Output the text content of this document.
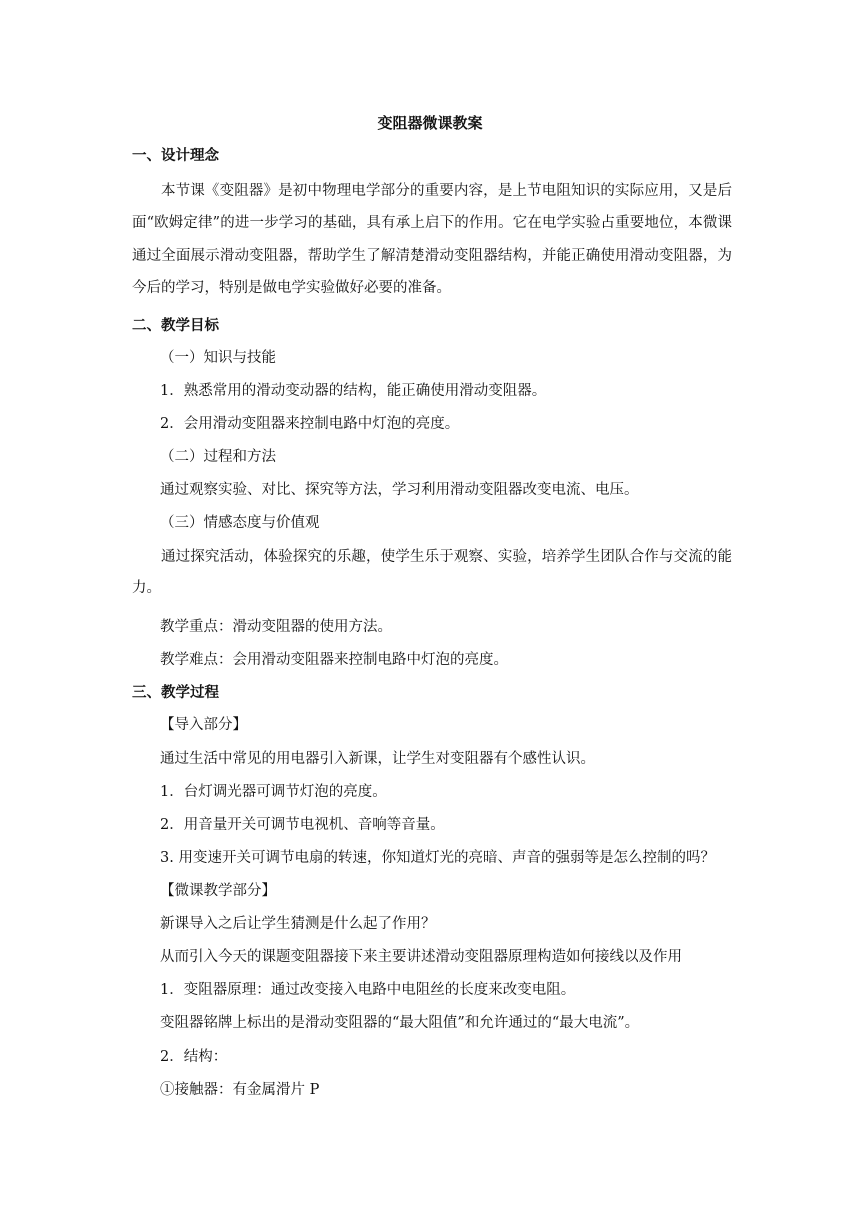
变阻器微课教案
一、设计理念
本节课《变阻器》是初中物理电学部分的重要内容，是上节电阻知识的实际应用，又是后面“欧姆定律”的进一步学习的基础，具有承上启下的作用。它在电学实验占重要地位，本微课通过全面展示滑动变阻器，帮助学生了解清楚滑动变阻器结构，并能正确使用滑动变阻器，为今后的学习，特别是做电学实验做好必要的准备。
二、教学目标
（一）知识与技能
1．熟悉常用的滑动变动器的结构，能正确使用滑动变阻器。
2．会用滑动变阻器来控制电路中灯泡的亮度。
（二）过程和方法
通过观察实验、对比、探究等方法，学习利用滑动变阻器改变电流、电压。
（三）情感态度与价值观
通过探究活动，体验探究的乐趣，使学生乐于观察、实验，培养学生团队合作与交流的能力。
教学重点：滑动变阻器的使用方法。
教学难点：会用滑动变阻器来控制电路中灯泡的亮度。
三、教学过程
【导入部分】
通过生活中常见的用电器引入新课，让学生对变阻器有个感性认识。
1．台灯调光器可调节灯泡的亮度。
2．用音量开关可调节电视机、音响等音量。
3. 用变速开关可调节电扇的转速，你知道灯光的亮暗、声音的强弱等是怎么控制的吗？
【微课教学部分】
新课导入之后让学生猜测是什么起了作用？
从而引入今天的课题变阻器接下来主要讲述滑动变阻器原理构造如何接线以及作用
1．变阻器原理：通过改变接入电路中电阻丝的长度来改变电阻。
变阻器铭牌上标出的是滑动变阻器的“最大阻值”和允许通过的“最大电流”。
2．结构：
①接触器：有金属滑片 P
